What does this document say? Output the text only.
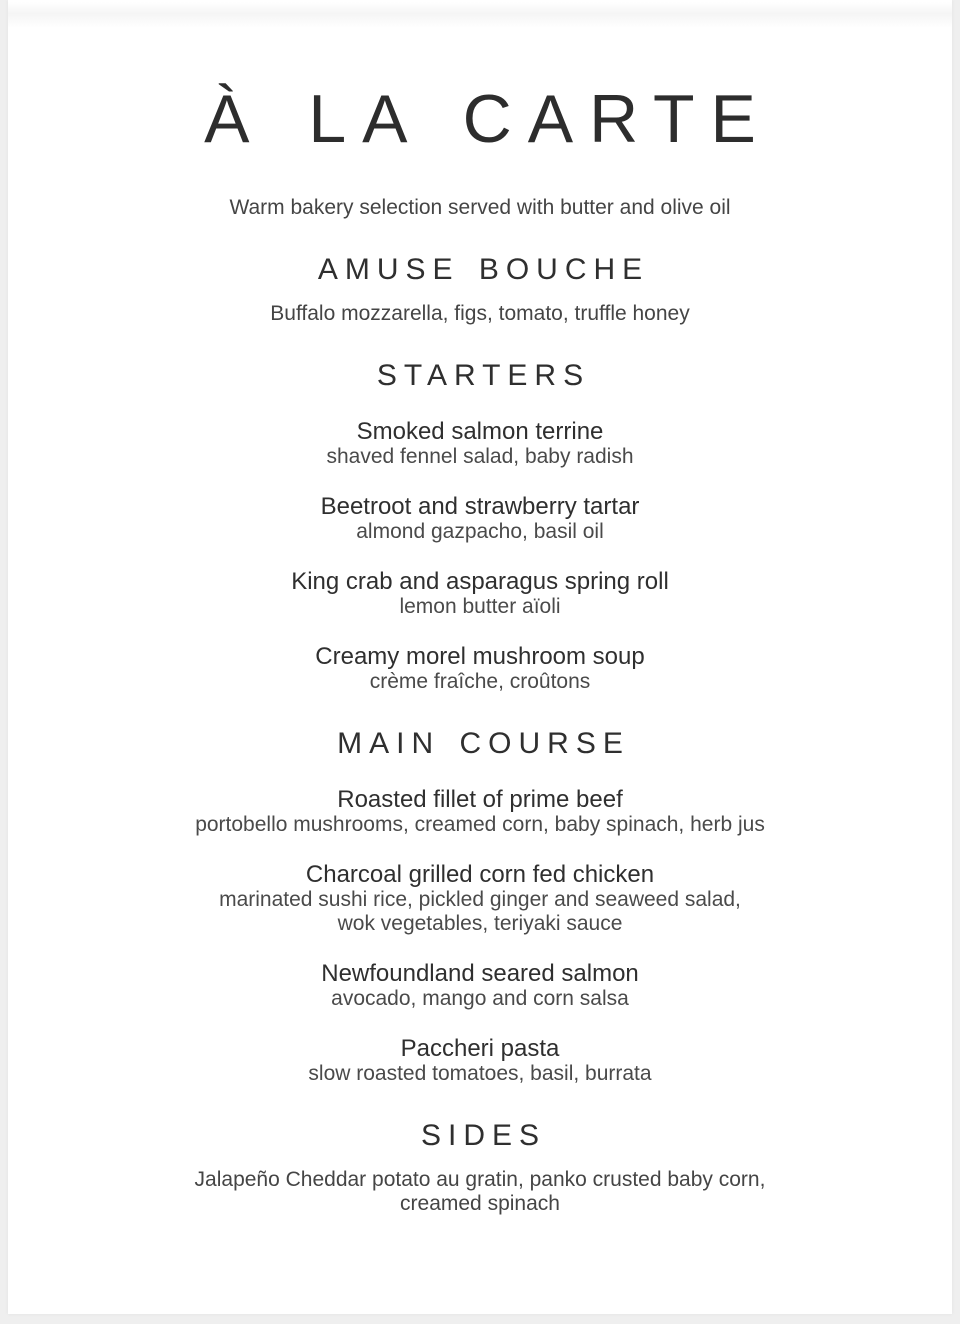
À LA CARTE
Warm bakery selection served with butter and olive oil
AMUSE BOUCHE
Buffalo mozzarella, figs, tomato, truffle honey
STARTERS
Smoked salmon terrine
shaved fennel salad, baby radish
Beetroot and strawberry tartar
almond gazpacho, basil oil
King crab and asparagus spring roll
lemon butter aïoli
Creamy morel mushroom soup
crème fraîche, croûtons
MAIN COURSE
Roasted fillet of prime beef
portobello mushrooms, creamed corn, baby spinach, herb jus
Charcoal grilled corn fed chicken
marinated sushi rice, pickled ginger and seaweed salad,
wok vegetables, teriyaki sauce
Newfoundland seared salmon
avocado, mango and corn salsa
Paccheri pasta
slow roasted tomatoes, basil, burrata
SIDES
Jalapeño Cheddar potato au gratin, panko crusted baby corn,
creamed spinach
